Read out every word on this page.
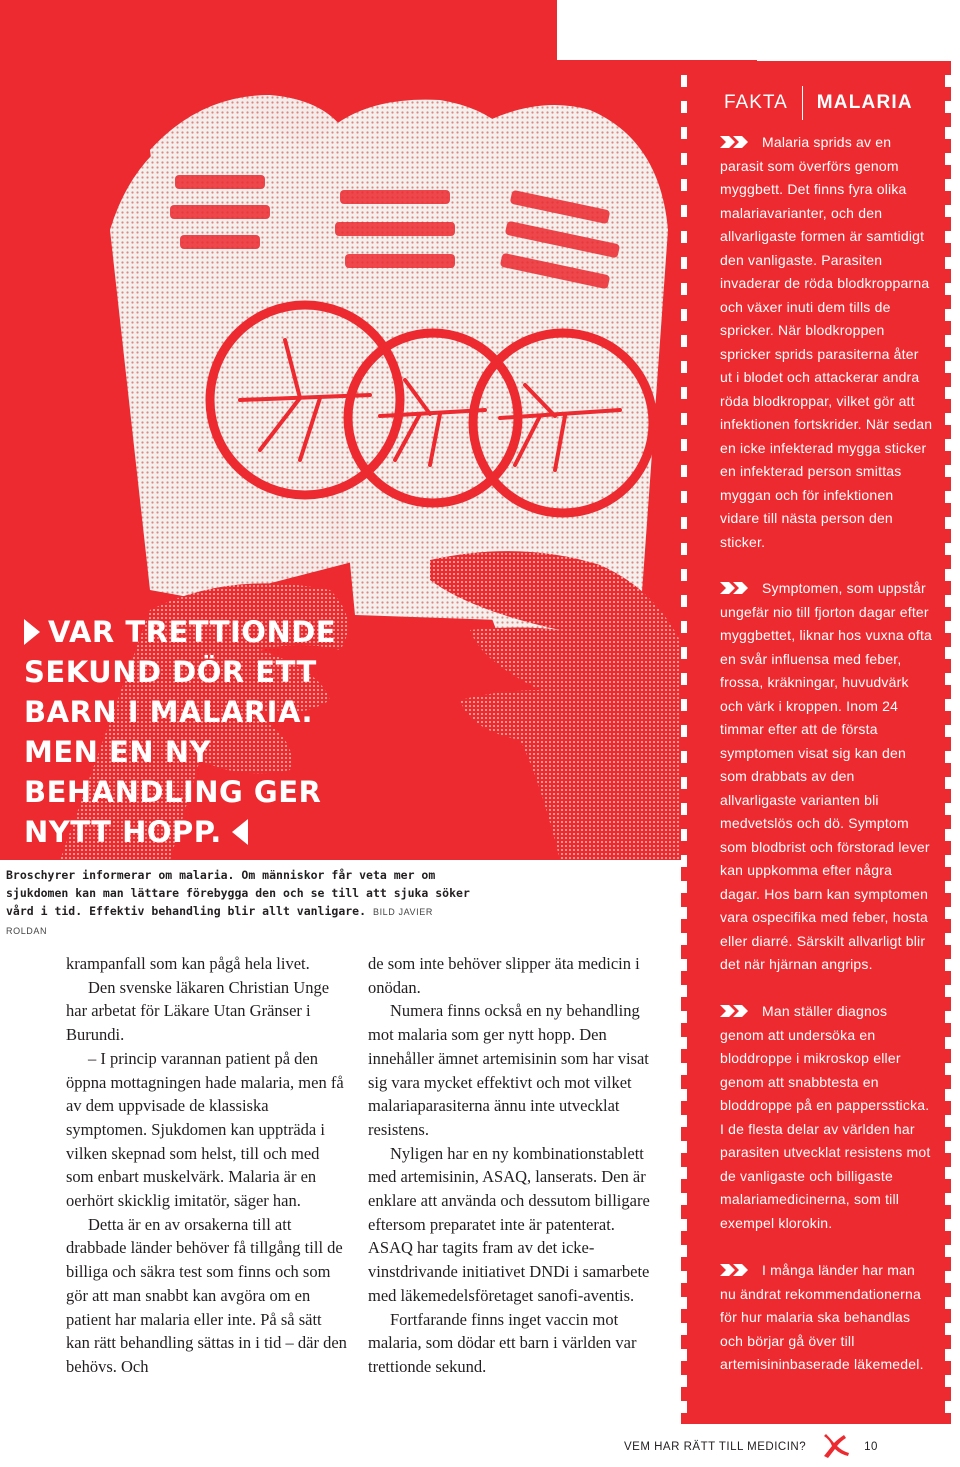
VAR TRETTIONDE
SEKUND DÖR ETT
BARN I MALARIA.
MEN EN NY
BEHANDLING GER
NYTT HOPP.
Broschyrer informerar om malaria. Om människor får veta mer om sjukdomen kan man lättare förebygga den och se till att sjuka söker vård i tid. Effektiv behandling blir allt vanligare. BILD JAVIER ROLDAN

krampanfall som kan pågå hela livet.

Den svenske läkaren Christian Unge har arbetat för Läkare Utan Gränser i Burundi.

– I princip varannan patient på den öppna mottagningen hade malaria, men få av dem uppvisade de klassiska symptomen. Sjukdomen kan uppträda i vilken skepnad som helst, till och med som enbart muskelvärk. Malaria är en oerhört skicklig imitatör, säger han.

Detta är en av orsakerna till att drabbade länder behöver få tillgång till de billiga och säkra test som finns och som gör att man snabbt kan avgöra om en patient har malaria eller inte. På så sätt kan rätt behandling sättas in i tid – där den behövs. Och

de som inte behöver slipper äta medicin i onödan.

Numera finns också en ny behandling mot malaria som ger nytt hopp. Den innehåller ämnet artemisinin som har visat sig vara mycket effektivt och mot vilket malariaparasiterna ännu inte utvecklat resistens.

Nyligen har en ny kombinationstablett med artemisinin, ASAQ, lanserats. Den är enklare att använda och dessutom billigare eftersom preparatet inte är patenterat. ASAQ har tagits fram av det icke-vinstdrivande initiativet DNDi i samarbete med läkemedelsföretaget sanofi-aventis.

Fortfarande finns inget vaccin mot malaria, som dödar ett barn i världen var trettionde sekund.

FAKTA MALARIA
Malaria sprids av en parasit som överförs genom myggbett. Det finns fyra olika malariavarianter, och den allvarligaste formen är samtidigt den vanligaste. Parasiten invaderar de röda blodkropparna och växer inuti dem tills de spricker. När blodkroppen spricker sprids parasiterna åter ut i blodet och attackerar andra röda blodkroppar, vilket gör att infektionen fortskrider. När sedan en icke infekterad mygga sticker en infekterad person smittas myggan och för infektionen vidare till nästa person den sticker.
Symptomen, som uppstår ungefär nio till fjorton dagar efter myggbettet, liknar hos vuxna ofta en svår influensa med feber, frossa, kräkningar, huvudvärk och värk i kroppen. Inom 24 timmar efter att de första symptomen visat sig kan den som drabbats av den allvarligaste varianten bli medvetslös och dö. Symptom som blodbrist och förstorad lever kan uppkomma efter några dagar. Hos barn kan symptomen vara ospecifika med feber, hosta eller diarré. Särskilt allvarligt blir det när hjärnan angrips.
Man ställer diagnos genom att undersöka en bloddroppe i mikroskop eller genom att snabbtesta en bloddroppe på en papperssticka. I de flesta delar av världen har parasiten utvecklat resistens mot de vanligaste och billigaste malariamedicinerna, som till exempel klorokin.
I många länder har man nu ändrat rekommendationerna för hur malaria ska behandlas och börjar gå över till artemisininbaserade läkemedel.
VEM HAR RÄTT TILL MEDICIN?	10
